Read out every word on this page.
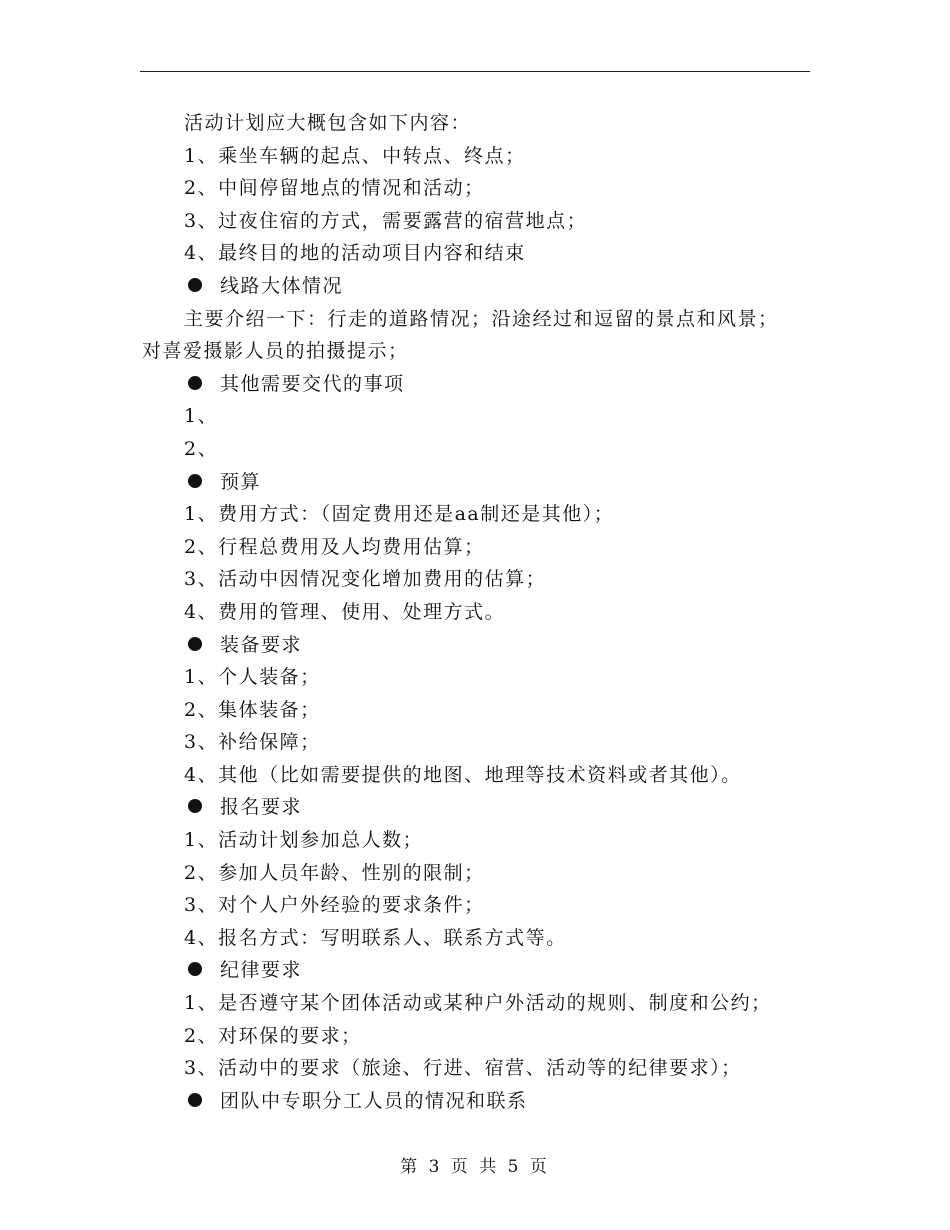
活动计划应大概包含如下内容：
1、乘坐车辆的起点、中转点、终点；
2、中间停留地点的情况和活动；
3、过夜住宿的方式，需要露营的宿营地点；
4、最终目的地的活动项目内容和结束
线路大体情况
主要介绍一下：行走的道路情况；沿途经过和逗留的景点和风景；
对喜爱摄影人员的拍摄提示；
其他需要交代的事项
1、
2、
预算
1、费用方式：（固定费用还是aa制还是其他）；
2、行程总费用及人均费用估算；
3、活动中因情况变化增加费用的估算；
4、费用的管理、使用、处理方式。
装备要求
1、个人装备；
2、集体装备；
3、补给保障；
4、其他（比如需要提供的地图、地理等技术资料或者其他）。
报名要求
1、活动计划参加总人数；
2、参加人员年龄、性别的限制；
3、对个人户外经验的要求条件；
4、报名方式：写明联系人、联系方式等。
纪律要求
1、是否遵守某个团体活动或某种户外活动的规则、制度和公约；
2、对环保的要求；
3、活动中的要求（旅途、行进、宿营、活动等的纪律要求）；
团队中专职分工人员的情况和联系
第 3 页 共 5 页
